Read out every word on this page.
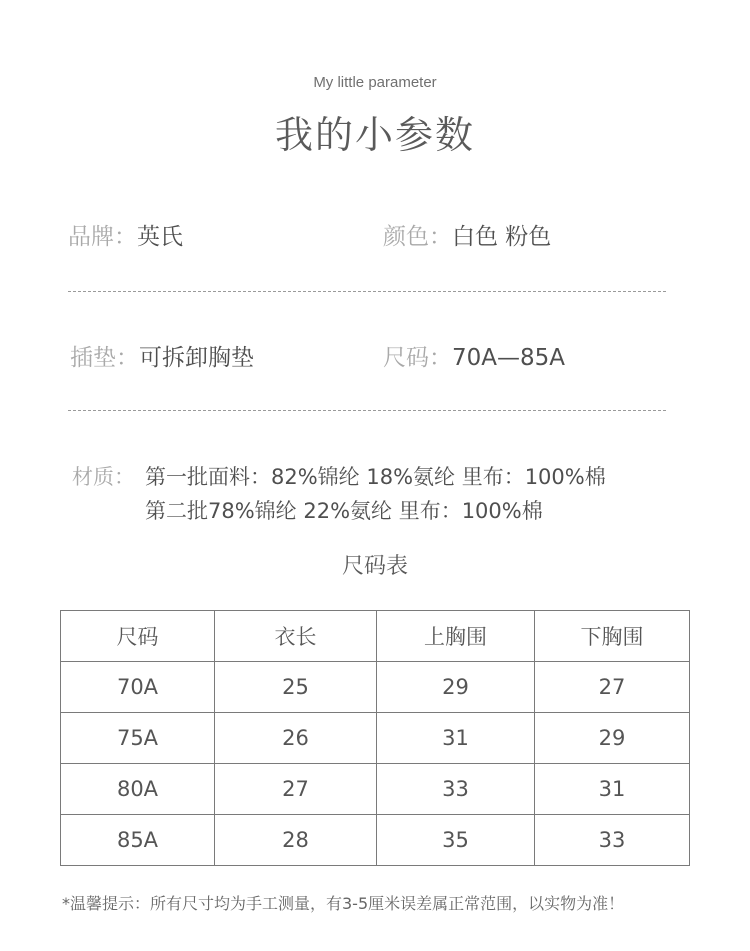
My little parameter
我的小参数
品牌：英氏	颜色：白色 粉色
插垫：可拆卸胸垫	尺码：70A—85A
材质： 第一批面料：82%锦纶 18%氨纶 里布：100%棉
第二批78%锦纶 22%氨纶 里布：100%棉
尺码表
尺码	衣长	上胸围	下胸围
70A	25	29	27
75A	26	31	29
80A	27	33	31
85A	28	35	33
*温馨提示：所有尺寸均为手工测量，有3-5厘米误差属正常范围，以实物为准！
